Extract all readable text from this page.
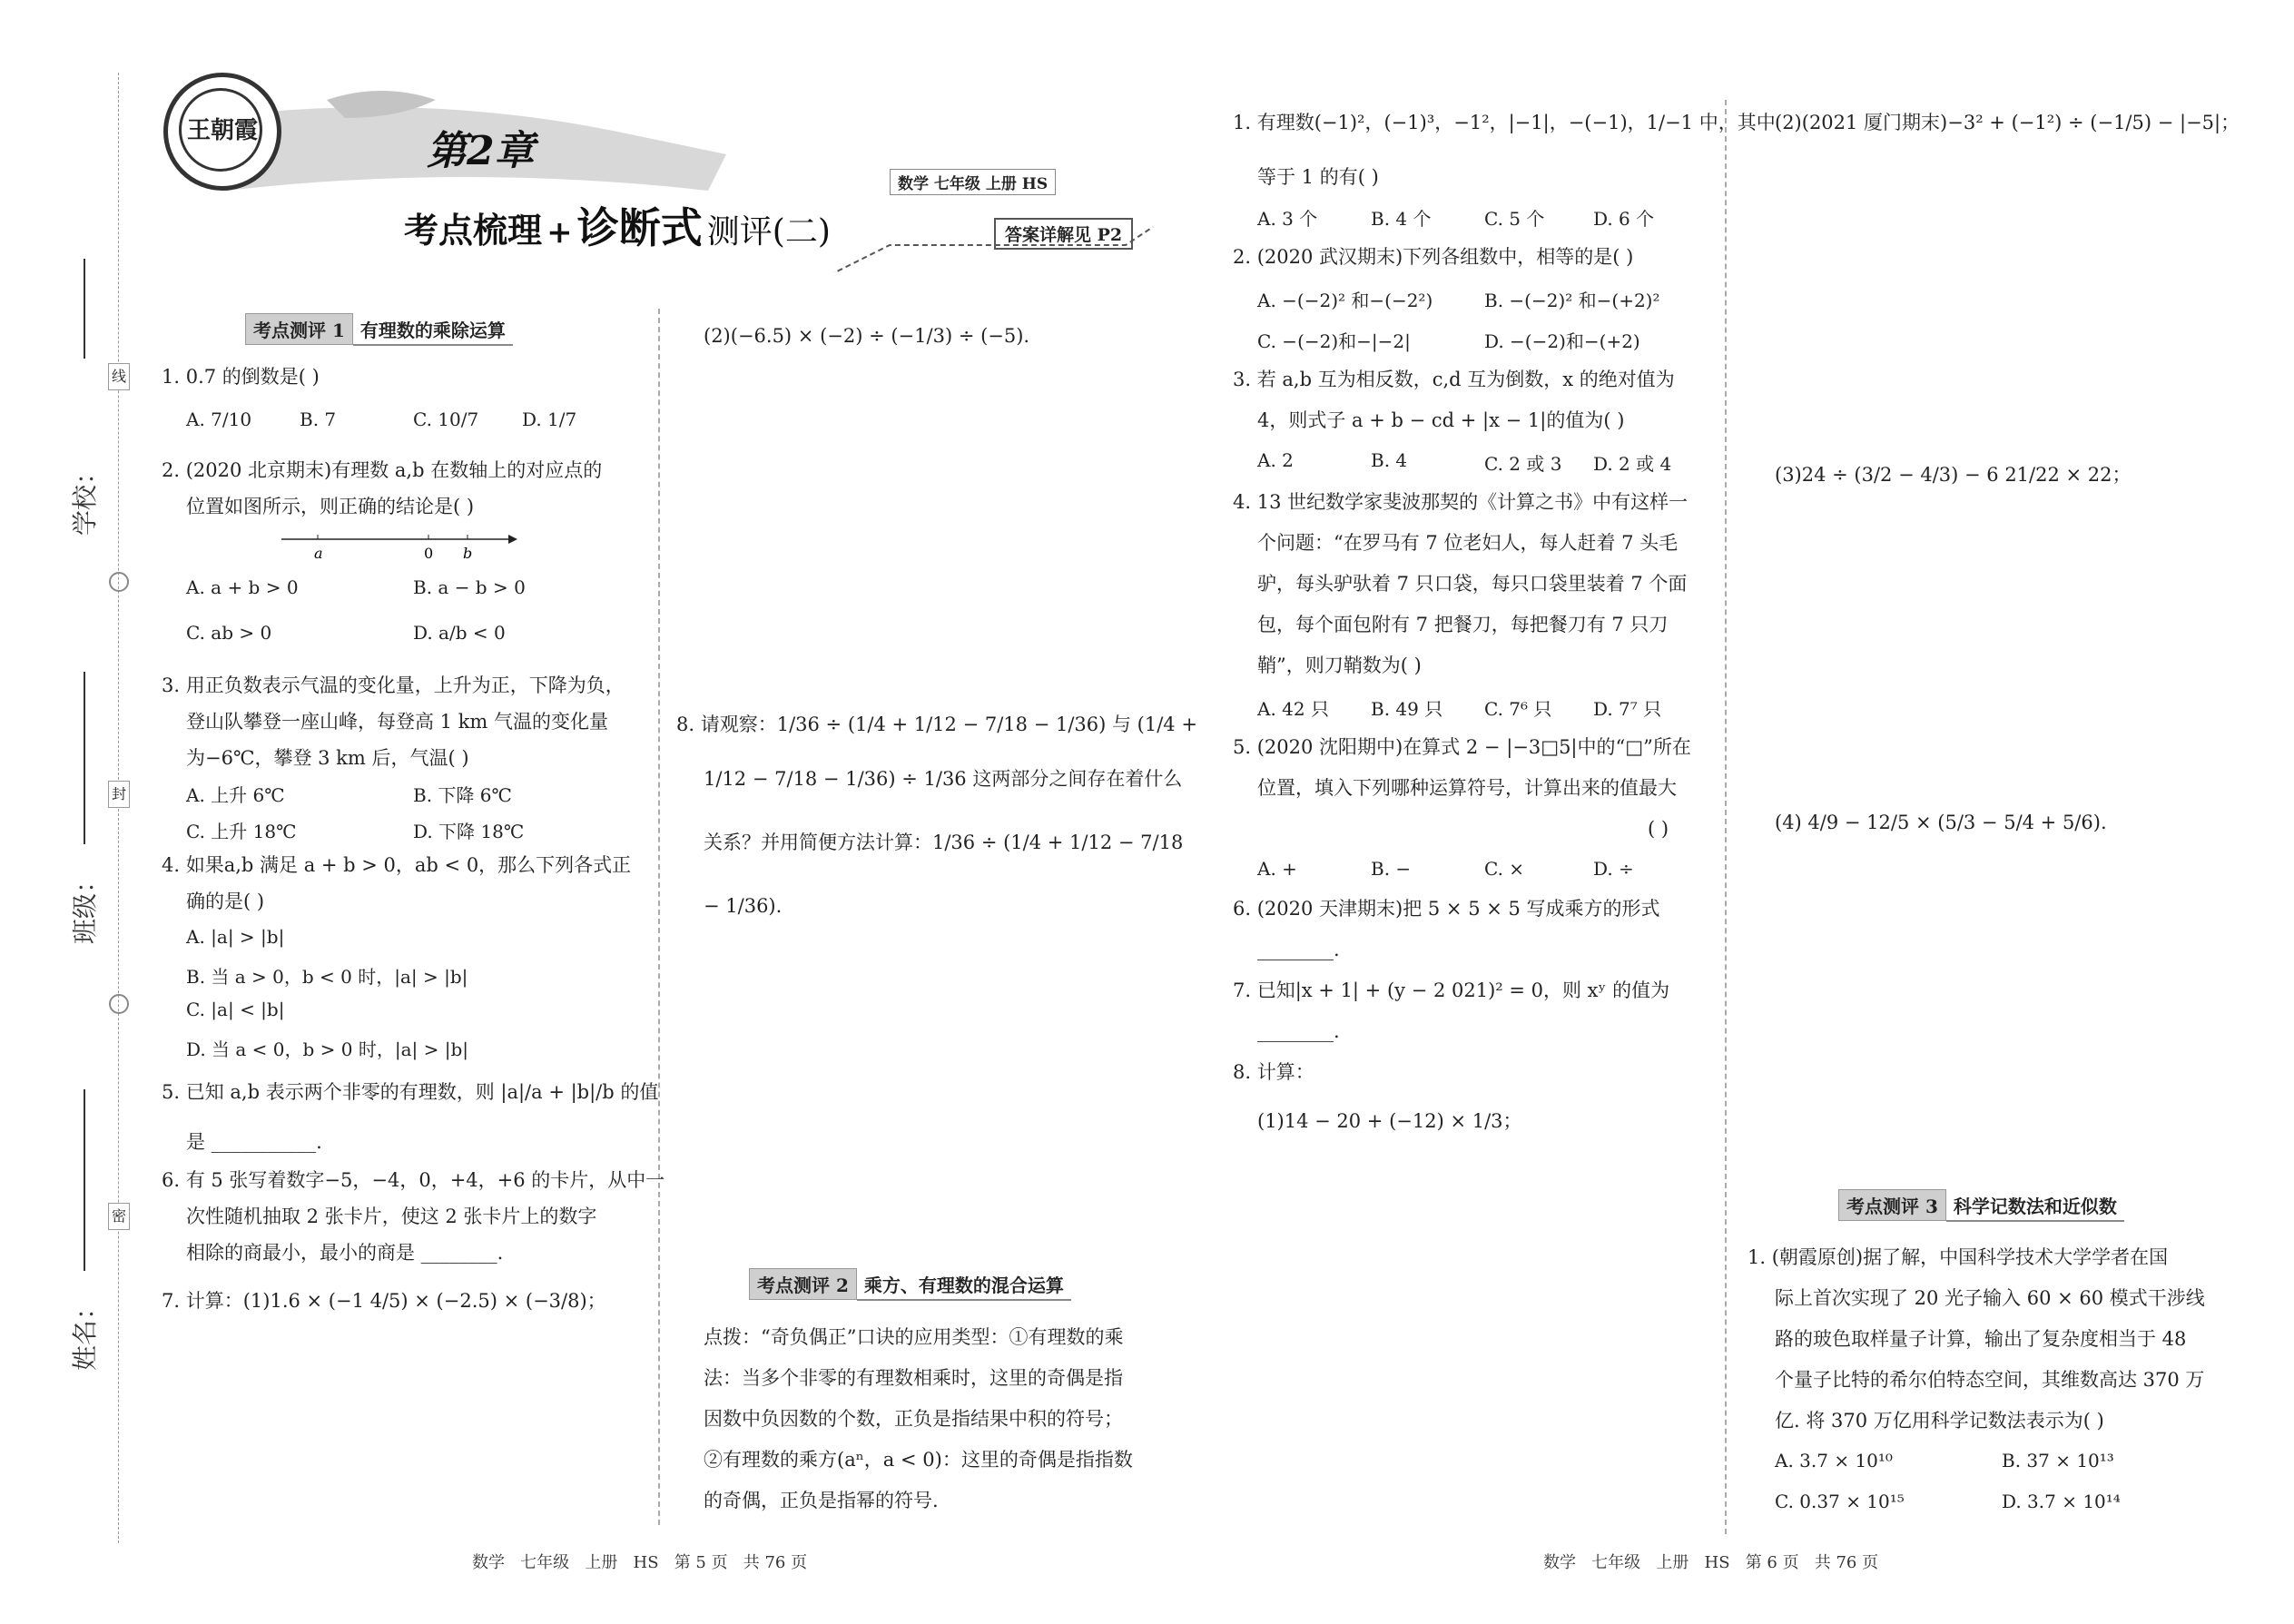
学校：
班级：
姓名：
线
封
密
王朝霞	第2章
考点梳理 + 诊断式 测评(二)
数学 七年级 上册 HS
答案详解见 P2
考点测评 1 有理数的乘除运算
1. 0.7 的倒数是( )
A. 7/10	B. 7	C. 10/7 D. 1/7
2. (2020 北京期末)有理数 a,b 在数轴上的对应点的
位置如图所示，则正确的结论是( )
a	0 b
A. a + b > 0	B. a − b > 0
C. ab > 0	D. a/b < 0
3. 用正负数表示气温的变化量，上升为正，下降为负，
登山队攀登一座山峰，每登高 1 km 气温的变化量
为−6℃，攀登 3 km 后，气温( )
A. 上升 6℃	B. 下降 6℃
C. 上升 18℃	D. 下降 18℃
4. 如果a,b 满足 a + b > 0，ab < 0，那么下列各式正
确的是( )
A. |a| > |b|
B. 当 a > 0，b < 0 时，|a| > |b|
C. |a| < |b|
D. 当 a < 0，b > 0 时，|a| > |b|
5. 已知 a,b 表示两个非零的有理数，则 |a|/a + |b|/b 的值
是 ___________.
6. 有 5 张写着数字−5，−4，0，+4，+6 的卡片，从中一
次性随机抽取 2 张卡片，使这 2 张卡片上的数字
相除的商最小，最小的商是 ________.
7. 计算：(1)1.6 × (−1 4/5) × (−2.5) × (−3/8)；
(2)(−6.5) × (−2) ÷ (−1/3) ÷ (−5).
8. 请观察：1/36 ÷ (1/4 + 1/12 − 7/18 − 1/36) 与 (1/4 +
1/12 − 7/18 − 1/36) ÷ 1/36 这两部分之间存在着什么
关系？并用简便方法计算：1/36 ÷ (1/4 + 1/12 − 7/18
− 1/36).
考点测评 2 乘方、有理数的混合运算
点拨：“奇负偶正”口诀的应用类型：①有理数的乘
法：当多个非零的有理数相乘时，这里的奇偶是指
因数中负因数的个数，正负是指结果中积的符号；
②有理数的乘方(aⁿ，a < 0)：这里的奇偶是指指数
的奇偶，正负是指幂的符号.
1. 有理数(−1)²，(−1)³，−1²，|−1|，−(−1)，1/−1 中，其中
等于 1 的有( )
A. 3 个	B. 4 个	C. 5 个	D. 6 个
2. (2020 武汉期末)下列各组数中，相等的是( )
A. −(−2)² 和−(−2²)	B. −(−2)² 和−(+2)²
C. −(−2)和−|−2|	D. −(−2)和−(+2)
3. 若 a,b 互为相反数，c,d 互为倒数，x 的绝对值为
4，则式子 a + b − cd + |x − 1|的值为( )
A. 2	B. 4	C. 2 或 3 D. 2 或 4
4. 13 世纪数学家斐波那契的《计算之书》中有这样一
个问题：“在罗马有 7 位老妇人，每人赶着 7 头毛
驴，每头驴驮着 7 只口袋，每只口袋里装着 7 个面
包，每个面包附有 7 把餐刀，每把餐刀有 7 只刀
鞘”，则刀鞘数为( )
A. 42 只 B. 49 只 C. 7⁶ 只 D. 7⁷ 只
5. (2020 沈阳期中)在算式 2 − |−3□5|中的“□”所在
位置，填入下列哪种运算符号，计算出来的值最大
( )
A. +	B. −	C. ×	D. ÷
6. (2020 天津期末)把 5 × 5 × 5 写成乘方的形式
________.
7. 已知|x + 1| + (y − 2 021)² = 0，则 xʸ 的值为
________.
8. 计算：
(1)14 − 20 + (−12) × 1/3；
(2)(2021 厦门期末)−3² + (−1²) ÷ (−1/5) − |−5|；
(3)24 ÷ (3/2 − 4/3) − 6 21/22 × 22；
(4) 4/9 − 12/5 × (5/3 − 5/4 + 5/6).
考点测评 3 科学记数法和近似数
1. (朝霞原创)据了解，中国科学技术大学学者在国
际上首次实现了 20 光子输入 60 × 60 模式干涉线
路的玻色取样量子计算，输出了复杂度相当于 48
个量子比特的希尔伯特态空间，其维数高达 370 万
亿. 将 370 万亿用科学记数法表示为( )
A. 3.7 × 10¹⁰	B. 37 × 10¹³
C. 0.37 × 10¹⁵	D. 3.7 × 10¹⁴
数学   七年级   上册   HS   第 5 页   共 76 页	数学   七年级   上册   HS   第 6 页   共 76 页
